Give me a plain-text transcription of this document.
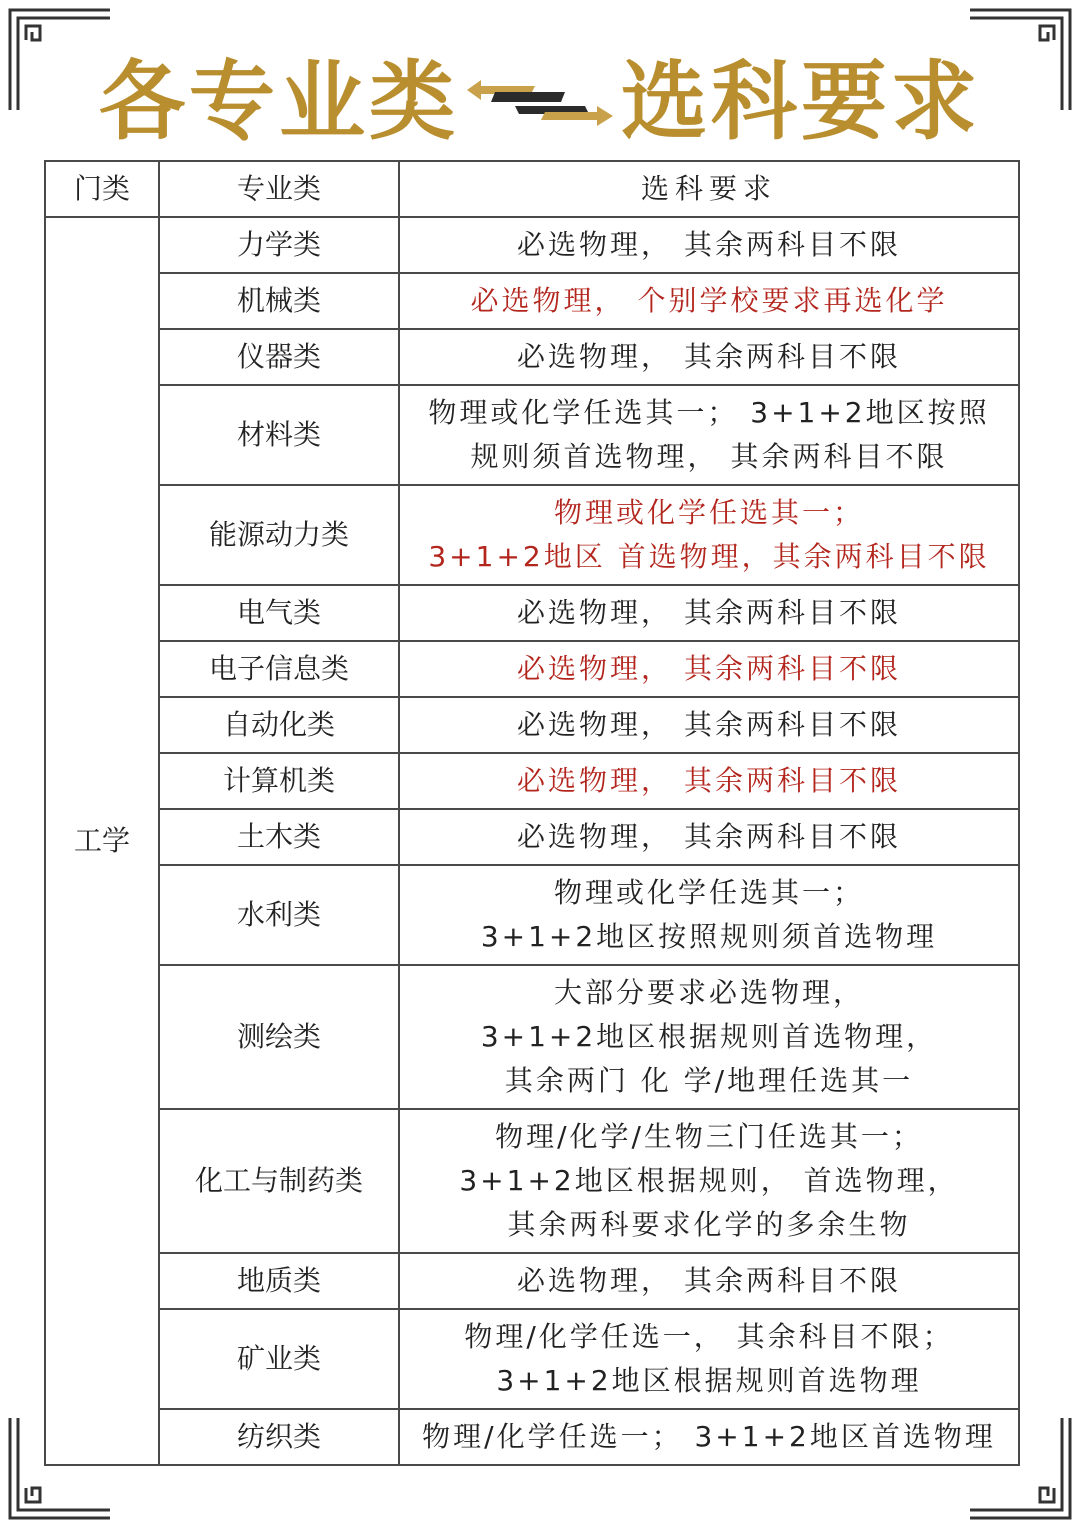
各专业类 选科要求
门类	专业类	选科要求
工学	力学类	必选物理， 其余两科目不限

	机械类	必选物理， 个别学校要求再选化学

	仪器类	必选物理， 其余两科目不限

	材料类	物理或化学任选其一； 3+1+2地区按照
规则须首选物理， 其余两科目不限

	能源动力类	物理或化学任选其一；
3+1+2地区 首选物理，其余两科目不限

	电气类	必选物理， 其余两科目不限

	电子信息类	必选物理， 其余两科目不限

	自动化类	必选物理， 其余两科目不限

	计算机类	必选物理， 其余两科目不限

	土木类	必选物理， 其余两科目不限

	水利类	物理或化学任选其一；
3+1+2地区按照规则须首选物理

	测绘类	大部分要求必选物理，
3+1+2地区根据规则首选物理，
其余两门 化 学/地理任选其一

	化工与制药类	物理/化学/生物三门任选其一；
3+1+2地区根据规则， 首选物理，
其余两科要求化学的多余生物

	地质类	必选物理， 其余两科目不限

	矿业类	物理/化学任选一， 其余科目不限；
3+1+2地区根据规则首选物理

	纺织类	物理/化学任选一； 3+1+2地区首选物理
